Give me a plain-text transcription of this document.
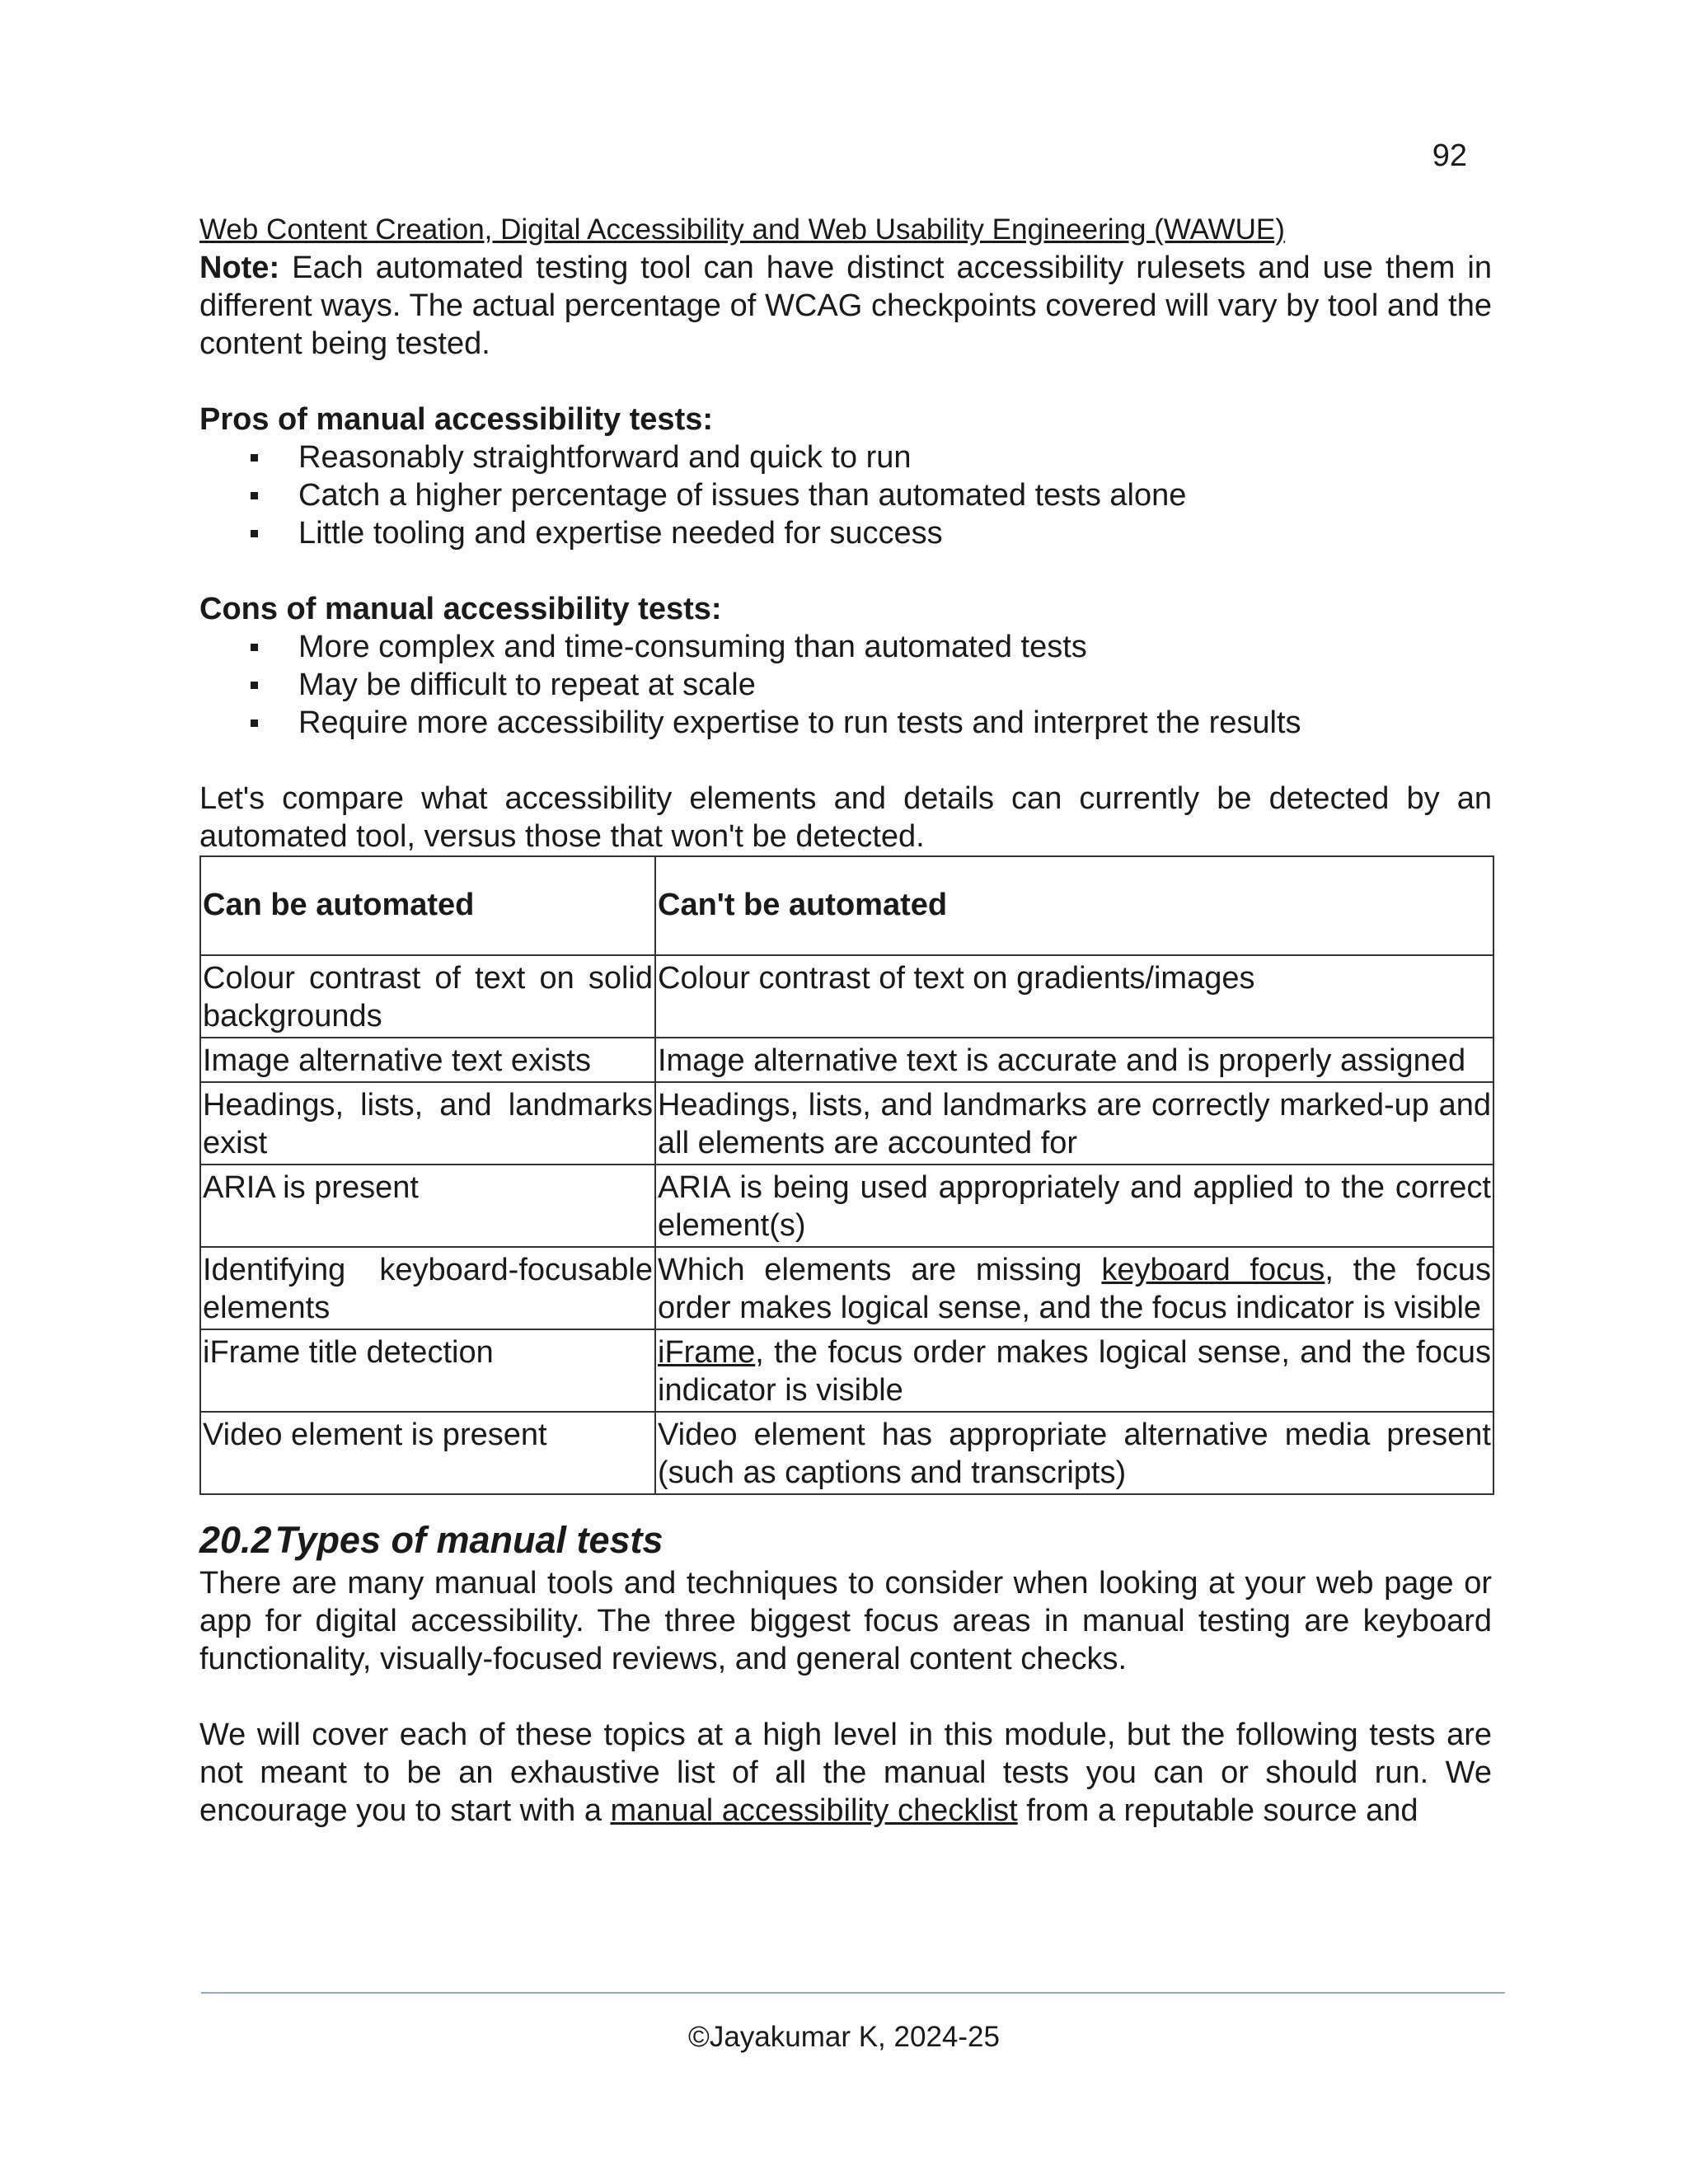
92
Web Content Creation, Digital Accessibility and Web Usability Engineering (WAWUE)

Note: Each automated testing tool can have distinct accessibility rulesets and use them in different ways. The actual percentage of WCAG checkpoints covered will vary by tool and the content being tested.

Pros of manual accessibility tests:
Reasonably straightforward and quick to run
Catch a higher percentage of issues than automated tests alone
Little tooling and expertise needed for success
Cons of manual accessibility tests:
More complex and time-consuming than automated tests
May be difficult to repeat at scale
Require more accessibility expertise to run tests and interpret the results

Let's compare what accessibility elements and details can currently be detected by an automated tool, versus those that won't be detected.

Can be automated	Can't be automated
Colour contrast of text on solid backgrounds	Colour contrast of text on gradients/images
Image alternative text exists	Image alternative text is accurate and is properly assigned
Headings, lists, and landmarks exist	Headings, lists, and landmarks are correctly marked-up and all elements are accounted for
ARIA is present	ARIA is being used appropriately and applied to the correct element(s)
Identifying keyboard-focusable elements	Which elements are missing keyboard focus, the focus order makes logical sense, and the focus indicator is visible
iFrame title detection	iFrame, the focus order makes logical sense, and the focus indicator is visible
Video element is present	Video element has appropriate alternative media present (such as captions and transcripts)
20.2Types of manual tests

There are many manual tools and techniques to consider when looking at your web page or app for digital accessibility. The three biggest focus areas in manual testing are keyboard functionality, visually-focused reviews, and general content checks.

We will cover each of these topics at a high level in this module, but the following tests are not meant to be an exhaustive list of all the manual tests you can or should run. We encourage you to start with a manual accessibility checklist from a reputable source and

©Jayakumar K, 2024-25
